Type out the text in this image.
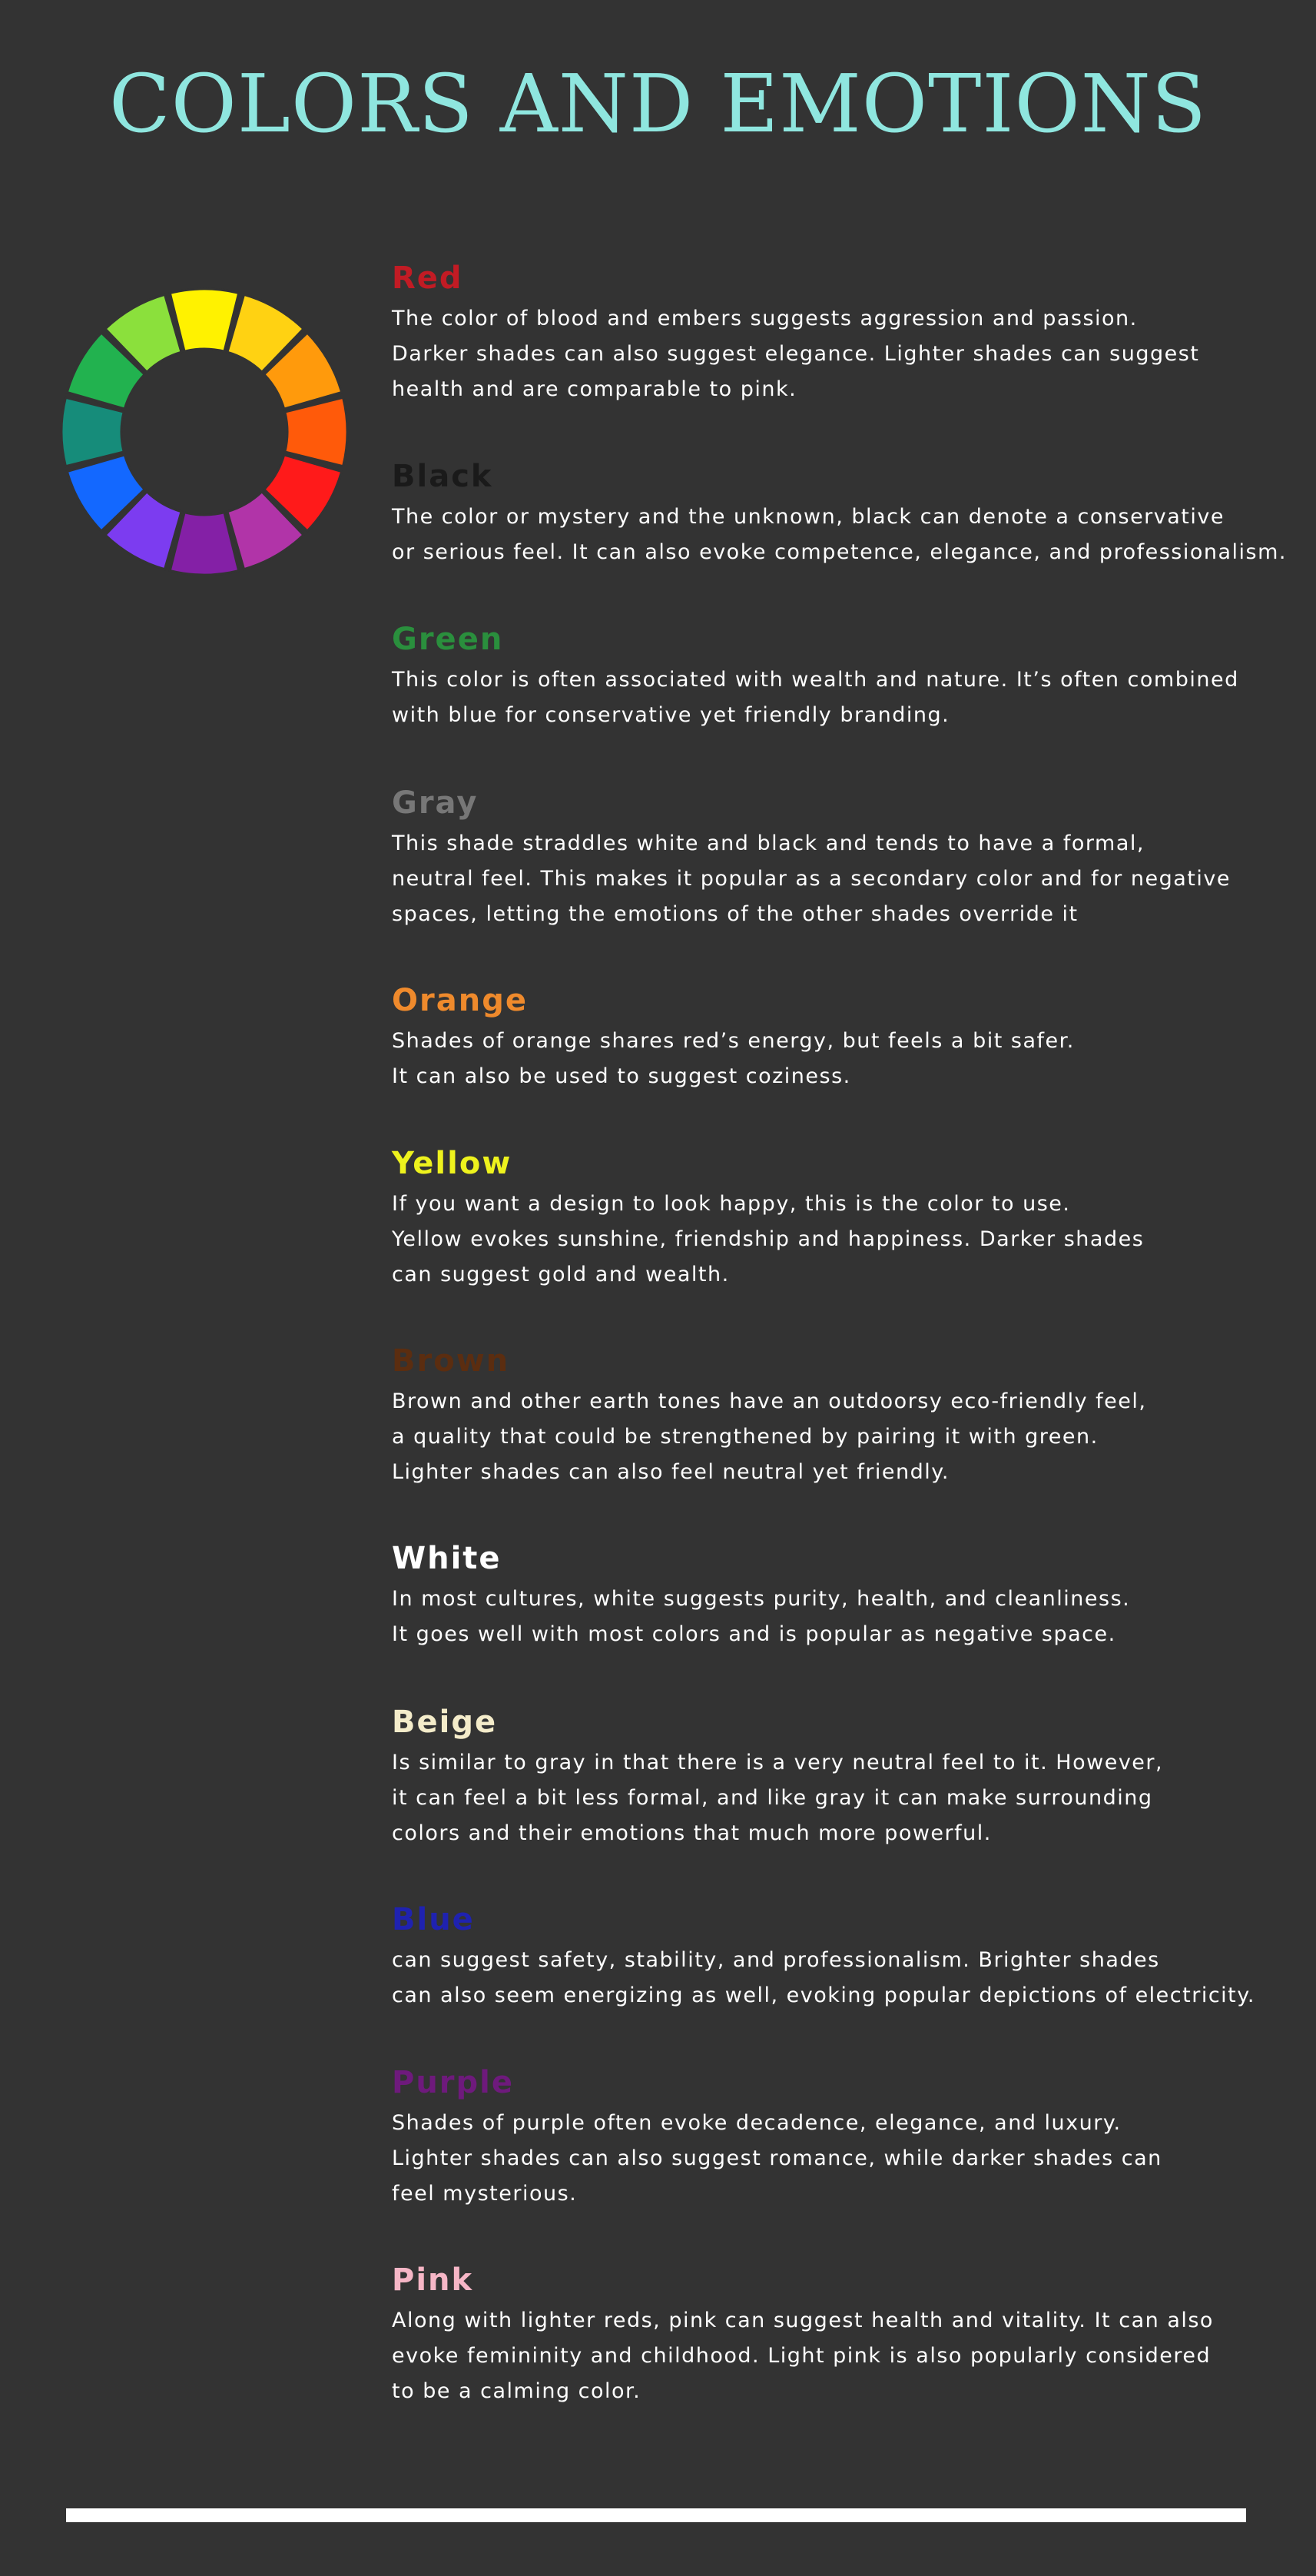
COLORS AND EMOTIONS
Red
The color of blood and embers suggests aggression and passion.
Darker shades can also suggest elegance. Lighter shades can suggest
health and are comparable to pink.
Black
The color or mystery and the unknown, black can denote a conservative
or serious feel. It can also evoke competence, elegance, and professionalism.
Green
This color is often associated with wealth and nature. It’s often combined
with blue for conservative yet friendly branding.
Gray
This shade straddles white and black and tends to have a formal,
neutral feel. This makes it popular as a secondary color and for negative
spaces, letting the emotions of the other shades override it
Orange
Shades of orange shares red’s energy, but feels a bit safer.
It can also be used to suggest coziness.
Yellow
If you want a design to look happy, this is the color to use.
Yellow evokes sunshine, friendship and happiness. Darker shades
can suggest gold and wealth.
Brown
Brown and other earth tones have an outdoorsy eco-friendly feel,
a quality that could be strengthened by pairing it with green.
Lighter shades can also feel neutral yet friendly.
White
In most cultures, white suggests purity, health, and cleanliness.
It goes well with most colors and is popular as negative space.
Beige
Is similar to gray in that there is a very neutral feel to it. However,
it can feel a bit less formal, and like gray it can make surrounding
colors and their emotions that much more powerful.
Blue
can suggest safety, stability, and professionalism. Brighter shades
can also seem energizing as well, evoking popular depictions of electricity.
Purple
Shades of purple often evoke decadence, elegance, and luxury.
Lighter shades can also suggest romance, while darker shades can
feel mysterious.
Pink
Along with lighter reds, pink can suggest health and vitality. It can also
evoke femininity and childhood. Light pink is also popularly considered
to be a calming color.
